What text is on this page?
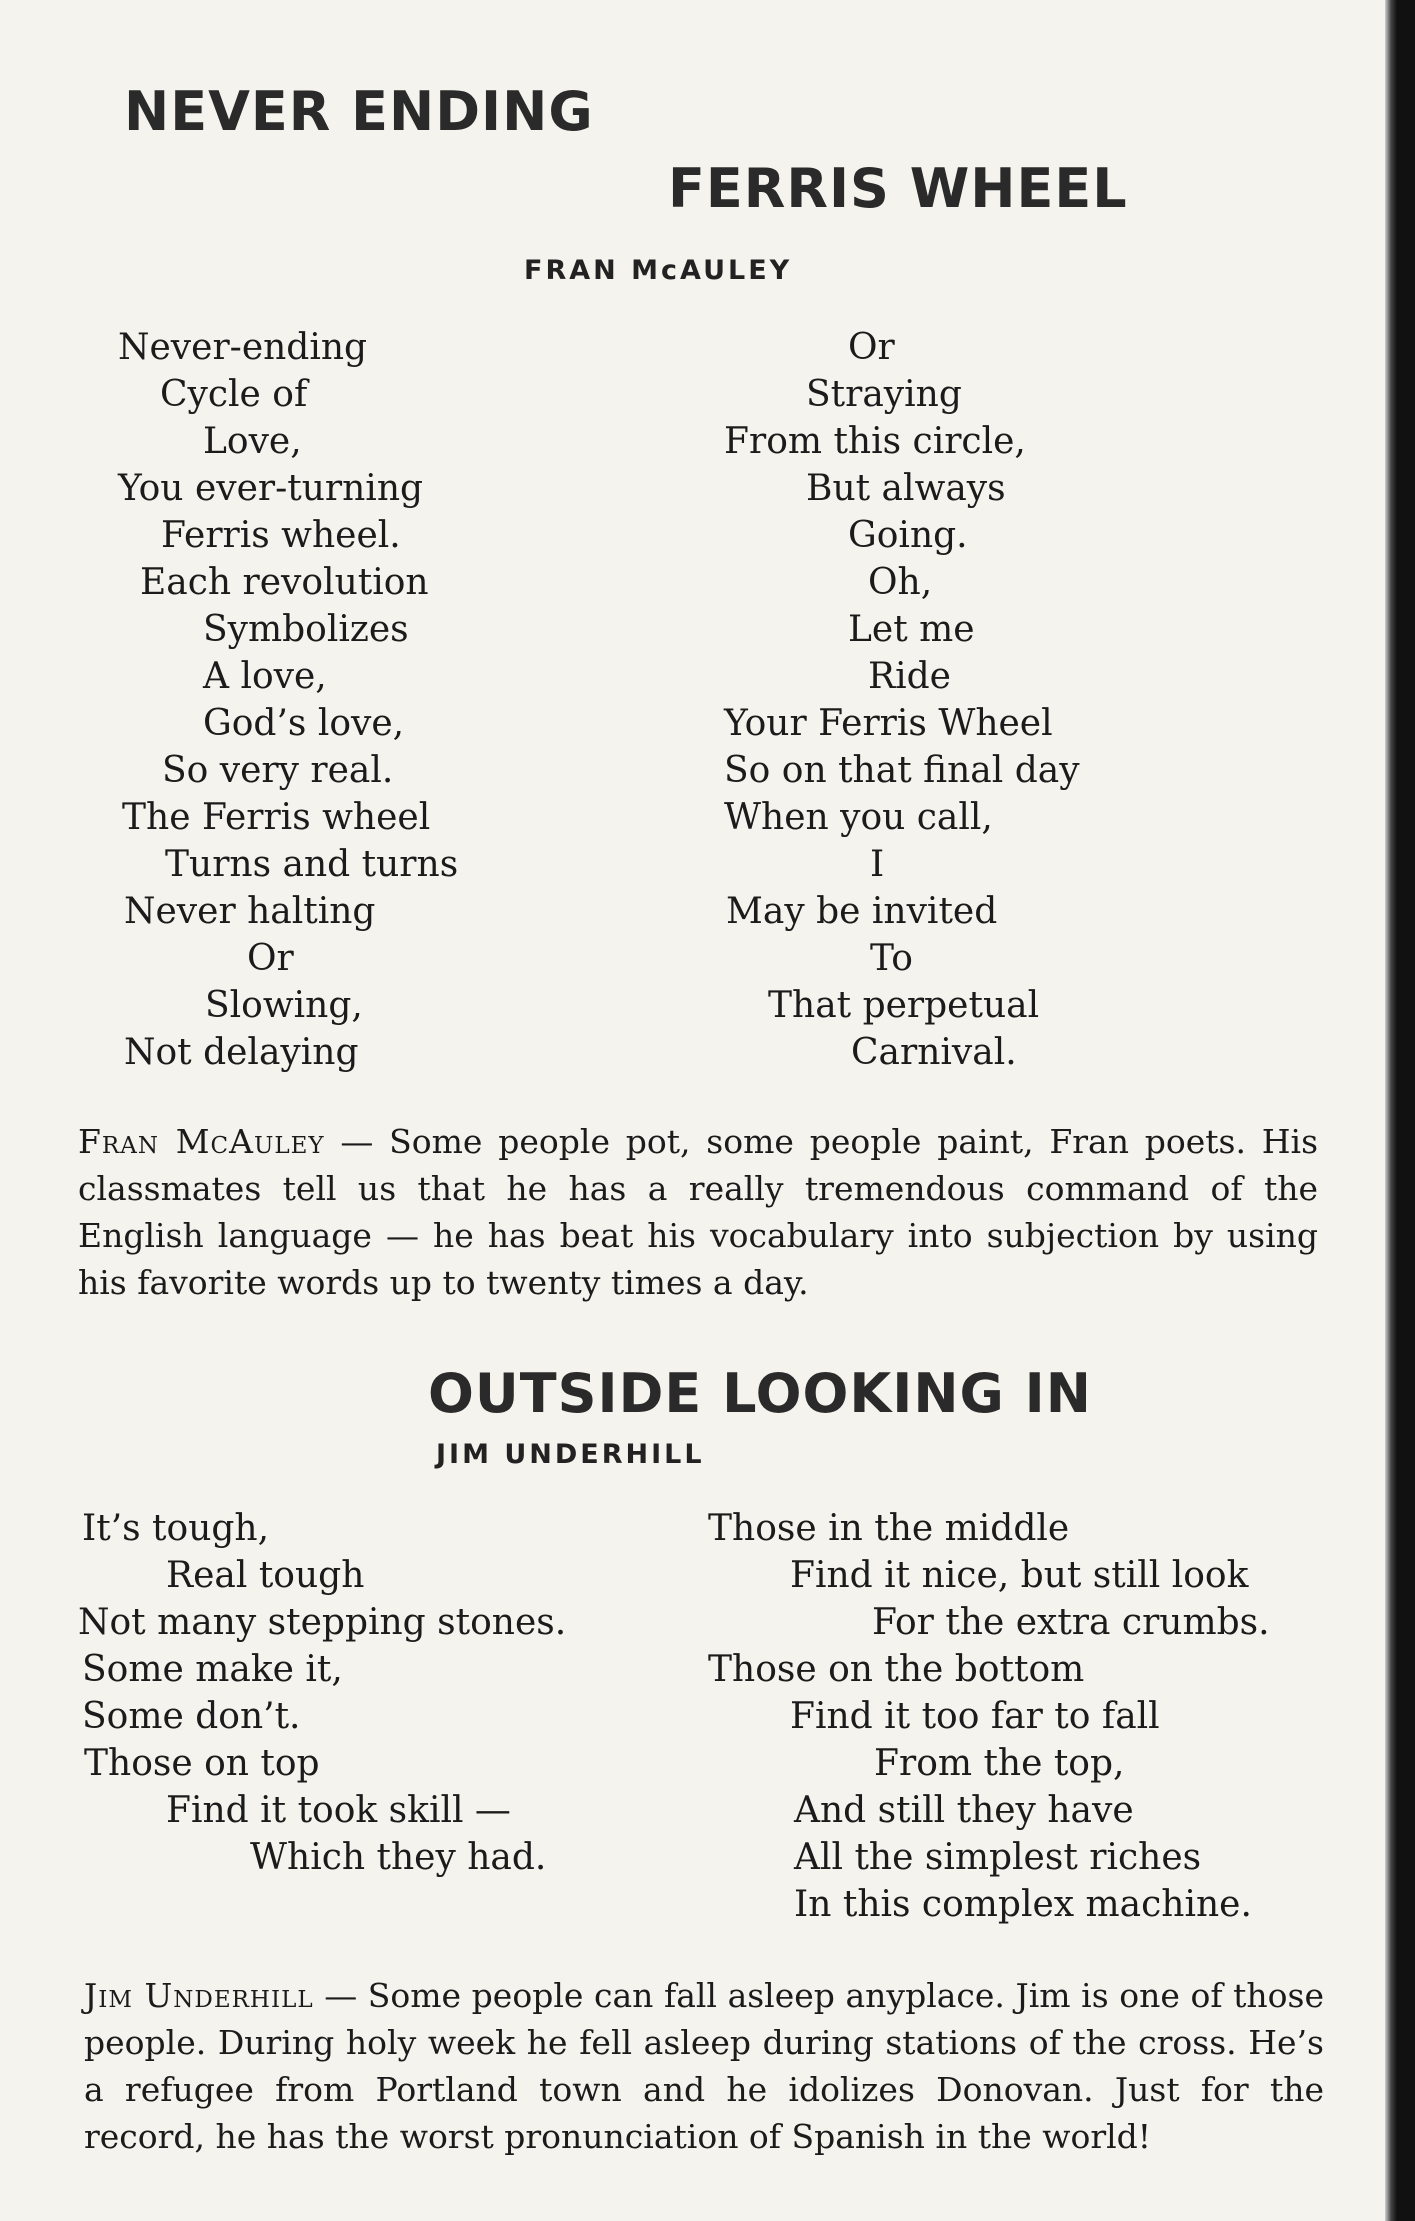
NEVER ENDING
FERRIS WHEEL
FRAN McAULEY
Never-ending
Cycle of
Love,
You ever-turning
Ferris wheel.
Each revolution
Symbolizes
A love,
God’s love,
So very real.
The Ferris wheel
Turns and turns
Never halting
Or
Slowing,
Not delaying
Or
Straying
From this circle,
But always
Going.
Oh,
Let me
Ride
Your Ferris Wheel
So on that final day
When you call,
I
May be invited
To
That perpetual
Carnival.

Fran McAuley — Some people pot, some people paint, Fran poets. His classmates tell us that he has a really tremendous command of the English language — he has beat his vocabulary into subjection by using his favorite words up to twenty times a day.

OUTSIDE LOOKING IN
JIM UNDERHILL
It’s tough,
Real tough
Not many stepping stones.
Some make it,
Some don’t.
Those on top
Find it took skill —
Which they had.
Those in the middle
Find it nice, but still look
For the extra crumbs.
Those on the bottom
Find it too far to fall
From the top,
And still they have
All the simplest riches
In this complex machine.

Jim Underhill — Some people can fall asleep anyplace. Jim is one of those people. During holy week he fell asleep during stations of the cross. He’s a refugee from Portland town and he idolizes Donovan. Just for the record, he has the worst pronunciation of Spanish in the world!
